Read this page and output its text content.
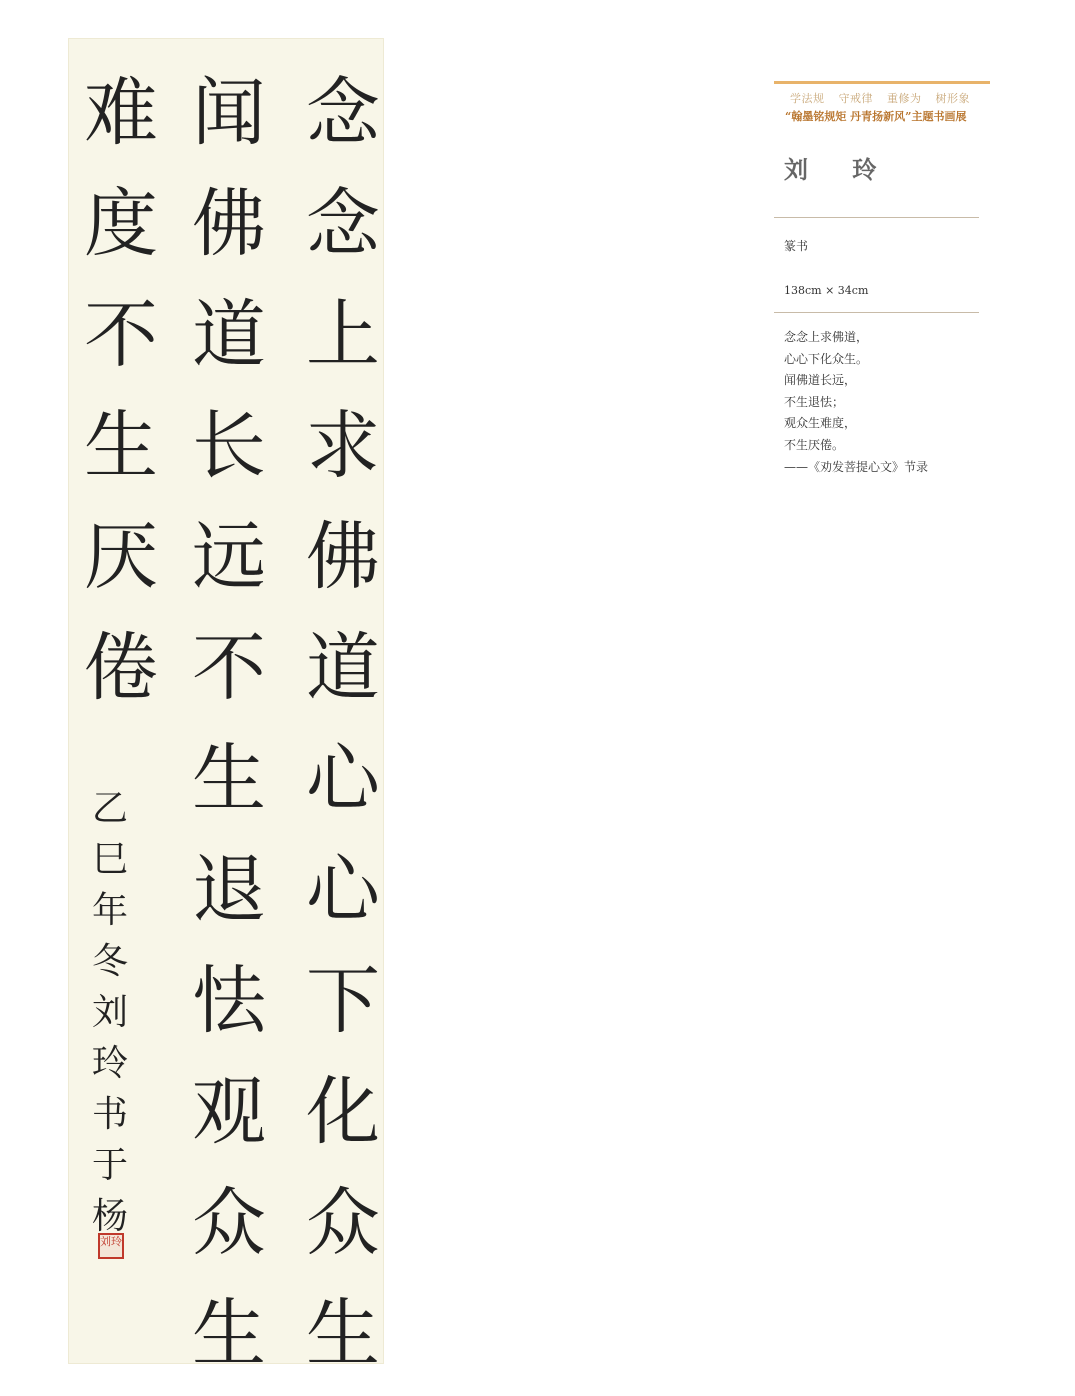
念
念
上
求
佛
道
心
心
下
化
众
生
闻
佛
道
长
远
不
生
退
怯
观
众
生
难
度
不
生
厌
倦
乙
巳
年
冬
刘
玲
书
于
杨
刘玲
学法规 守戒律 重修为 树形象
“翰墨铭规矩 丹青扬新风”主题书画展
刘 玲
篆书
138cm × 34cm
念念上求佛道，
心心下化众生。
闻佛道长远，
不生退怯；
观众生难度，
不生厌倦。
——《劝发菩提心文》节录
